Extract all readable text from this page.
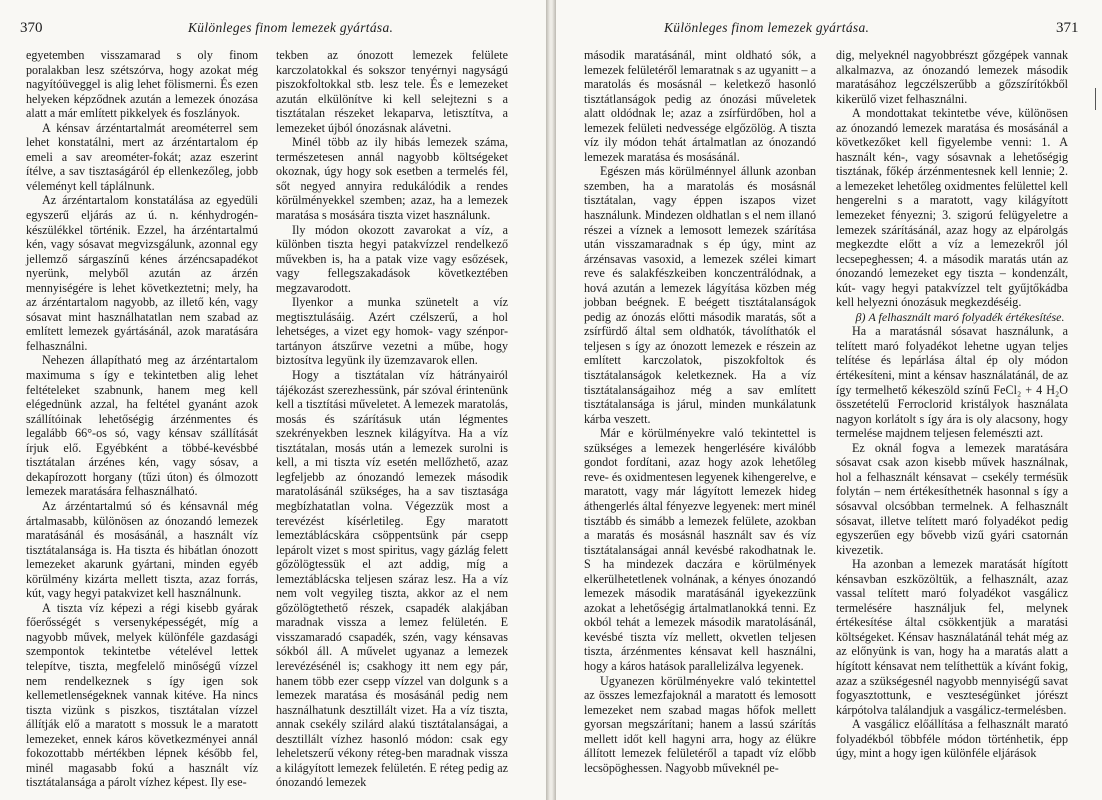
370	Különleges finom lemezek gyártása.

egyetemben visszamarad s oly finom poralakban lesz szétszórva, hogy azokat még nagyítóüveggel is alig lehet fölismerni. És ezen helyeken képződnek azután a lemezek ónozása alatt a már említett pikkelyek és foszlányok.

A kénsav árzéntartalmát areométerrel sem lehet konstatálni, mert az árzéntartalom ép emeli a sav areométer-fokát; azaz eszerint ítélve, a sav tisztaságáról ép ellenkezőleg, jobb véleményt kell táplálnunk.

Az árzéntartalom konstatálása az egyedüli egyszerű eljárás az ú. n. kénhydrogén-készülékkel történik. Ezzel, ha árzéntartalmú kén, vagy sósavat megvizsgálunk, azonnal egy jellemző sárgaszínű kénes árzéncsapadékot nyerünk, melyből azután az árzén mennyiségére is lehet következtetni; mely, ha az árzéntartalom nagyobb, az illető kén, vagy sósavat mint használhatatlan nem szabad az említett lemezek gyártásánál, azok maratására felhasználni.

Nehezen állapítható meg az árzéntartalom maximuma s így e tekintetben alig lehet feltételeket szabnunk, hanem meg kell elégednünk azzal, ha feltétel gyanánt azok szállítóinak lehetőségig árzénmentes és legalább 66°-os só, vagy kénsav szállítását írjuk elő. Egyébként a többé-kevésbbé tisztátalan árzénes kén, vagy sósav, a dekapírozott horgany (tűzi úton) és ólmozott lemezek maratására felhasználható.

Az árzéntartalmú só és kénsavnál még ártalmasabb, különösen az ónozandó lemezek maratásánál és mosásánál, a használt víz tisztátalansága is. Ha tiszta és hibátlan ónozott lemezeket akarunk gyártani, minden egyéb körülmény kizárta mellett tiszta, azaz forrás, kút, vagy hegyi patakvizet kell használnunk.

A tiszta víz képezi a régi kisebb gyárak főerősségét s versenyképességét, míg a nagyobb művek, melyek különféle gazdasági szempontok tekintetbe vételével lettek telepítve, tiszta, megfelelő minőségű vízzel nem rendelkeznek s így igen sok kellemetlenségeknek vannak kitéve. Ha nincs tiszta vizünk s piszkos, tisztátalan vízzel állítják elő a maratott s mossuk le a maratott lemezeket, ennek káros következményei annál fokozottabb mértékben lépnek később fel, minél magasabb fokú a használt víz tisztátalansága a párolt vízhez képest. Ily ese-

tekben az ónozott lemezek felülete karczolatokkal és sokszor tenyérnyi nagyságú piszokfoltokkal stb. lesz tele. És e lemezeket azután elkülönítve ki kell selejtezni s a tisztátalan részeket lekaparva, letisztítva, a lemezeket újból ónozásnak alávetni.

Minél több az ily hibás lemezek száma, természetesen annál nagyobb költségeket okoznak, úgy hogy sok esetben a termelés fél, sőt negyed annyira redukálódik a rendes körülményekkel szemben; azaz, ha a lemezek maratása s mosására tiszta vizet használunk.

Ily módon okozott zavarokat a víz, a különben tiszta hegyi patakvízzel rendelkező művekben is, ha a patak vize vagy esőzések, vagy fellegszakadások következtében megzavarodott.

Ilyenkor a munka szünetelt a víz megtisztulásáig. Azért czélszerű, a hol lehetséges, a vizet egy homok- vagy szénpor-tartányon átszűrve vezetni a műbe, hogy biztosítva legyünk ily üzemzavarok ellen.

Hogy a tisztátalan víz hátrányairól tájékozást szerezhessünk, pár szóval érintenünk kell a tisztítási műveletet. A lemezek maratolás, mosás és szárításuk után légmentes szekrényekben lesznek kilágyítva. Ha a víz tisztátalan, mosás után a lemezek surolni is kell, a mi tiszta víz esetén mellőzhető, azaz legfeljebb az ónozandó lemezek második maratolásánál szükséges, ha a sav tisztasága megbízhatatlan volna. Végezzük most a terevézést kísérletileg. Egy maratott lemeztáblácskára csöppentsünk pár csepp lepárolt vizet s most spiritus, vagy gázlág felett gőzölögtessük el azt addig, míg a lemeztáblácska teljesen száraz lesz. Ha a víz nem volt vegyileg tiszta, akkor az el nem gőzölögtethető részek, csapadék alakjában maradnak vissza a lemez felületén. E visszamaradó csapadék, szén, vagy kénsavas sókból áll. A művelet ugyanaz a lemezek lerevézésénél is; csakhogy itt nem egy pár, hanem több ezer csepp vízzel van dolgunk s a lemezek maratása és mosásánál pedig nem használhatunk desztillált vizet. Ha a víz tiszta, annak csekély szilárd alakú tisztátalanságai, a desztillált vízhez hasonló módon: csak egy leheletszerű vékony réteg-ben maradnak vissza a kilágyított lemezek felületén. E réteg pedig az ónozandó lemezek

Különleges finom lemezek gyártása.	371

második maratásánál, mint oldható sók, a lemezek felületéről lemaratnak s az ugyanitt – a maratolás és mosásnál – keletkező hasonló tisztátlanságok pedig az ónozási műveletek alatt oldódnak le; azaz a zsírfürdőben, hol a lemezek felületi nedvessége elgőzölög. A tiszta víz ily módon tehát ártalmatlan az ónozandó lemezek maratása és mosásánál.

Egészen más körülménnyel állunk azonban szemben, ha a maratolás és mosásnál tisztátalan, vagy éppen iszapos vizet használunk. Mindezen oldhatlan s el nem illanó részei a víznek a lemosott lemezek szárítása után visszamaradnak s ép úgy, mint az árzénsavas vasoxid, a lemezek szélei kimart reve és salakfészkeiben konczentrálódnak, a hová azután a lemezek lágyítása közben még jobban beégnek. E beégett tisztátalanságok pedig az ónozás előtti második maratás, sőt a zsírfürdő által sem oldhatók, távolíthatók el teljesen s így az ónozott lemezek e részein az említett karczolatok, piszokfoltok és tisztátalanságok keletkeznek. Ha a víz tisztátalanságaihoz még a sav említett tisztátalansága is járul, minden munkálatunk kárba veszett.

Már e körülményekre való tekintettel is szükséges a lemezek hengerlésére kiválóbb gondot fordítani, azaz hogy azok lehetőleg reve- és oxidmentesen legyenek kihengerelve, e maratott, vagy már lágyított lemezek hideg áthengerlés által fényezve legyenek: mert minél tisztább és simább a lemezek felülete, azokban a maratás és mosásnál használt sav és víz tisztátalanságai annál kevésbé rakodhatnak le. S ha mindezek daczára e körülmények elkerülhetetlenek volnának, a kényes ónozandó lemezek második maratásánál igyekezzünk azokat a lehetőségig ártalmatlanokká tenni. Ez okból tehát a lemezek második maratolásánál, kevésbé tiszta víz mellett, okvetlen teljesen tiszta, árzénmentes kénsavat kell használni, hogy a káros hatások parallelizálva legyenek.

Ugyanezen körülményekre való tekintettel az összes lemezfajoknál a maratott és lemosott lemezeket nem szabad magas hőfok mellett gyorsan megszárítani; hanem a lassú szárítás mellett időt kell hagyni arra, hogy az élükre állított lemezek felületéről a tapadt víz előbb lecsöpöghessen. Nagyobb műveknél pe-

dig, melyeknél nagyobbrészt gőzgépek vannak alkalmazva, az ónozandó lemezek második maratásához legczélszerűbb a gőzszírítókből kikerülő vizet felhasználni.

A mondottakat tekintetbe véve, különösen az ónozandó lemezek maratása és mosásánál a következőket kell figyelembe venni: 1. A használt kén-, vagy sósavnak a lehetőségig tisztának, főkép árzénmentesnek kell lennie; 2. a lemezeket lehetőleg oxidmentes felülettel kell hengerelni s a maratott, vagy kilágyított lemezeket fényezni; 3. szigorú felügyeletre a lemezek szárításánál, azaz hogy az elpárolgás megkezdte előtt a víz a lemezekről jól lecsepeghessen; 4. a második maratás után az ónozandó lemezeket egy tiszta – kondenzált, kút- vagy hegyi patakvízzel telt gyűjtőkádba kell helyezni ónozásuk megkezdéséig.

β) A felhasznált maró folyadék értékesítése.

Ha a maratásnál sósavat használunk, a telített maró folyadékot lehetne ugyan teljes telítése és lepárlása által ép oly módon értékesíteni, mint a kénsav használatánál, de az így termelhető kékeszöld színű FeCl₂ + 4 H₂O összetételű Ferroclorid kristályok használata nagyon korlátolt s így ára is oly alacsony, hogy termelése majdnem teljesen felemészti azt.

Ez oknál fogva a lemezek maratására sósavat csak azon kisebb művek használnak, hol a felhasznált kénsavat – csekély termésük folytán – nem értékesíthetnék hasonnal s így a sósavval olcsóbban termelnek. A felhasznált sósavat, illetve telített maró folyadékot pedig egyszerűen egy bővebb vizű gyári csatornán kivezetik.

Ha azonban a lemezek maratását hígított kénsavban eszközöltük, a felhasznált, azaz vassal telített maró folyadékot vasgálicz termelésére használjuk fel, melynek értékesítése által csökkentjük a maratási költségeket. Kénsav használatánál tehát még az az előnyünk is van, hogy ha a maratás alatt a hígított kénsavat nem telíthettük a kívánt fokig, azaz a szükségesnél nagyobb mennyiségű savat fogyasztottunk, e veszteségünket jórészt kárpótolva találandjuk a vasgálicz-termelésben.

A vasgálicz előállítása a felhasznált marató folyadékból többféle módon történhetik, épp úgy, mint a hogy igen különféle eljárások
